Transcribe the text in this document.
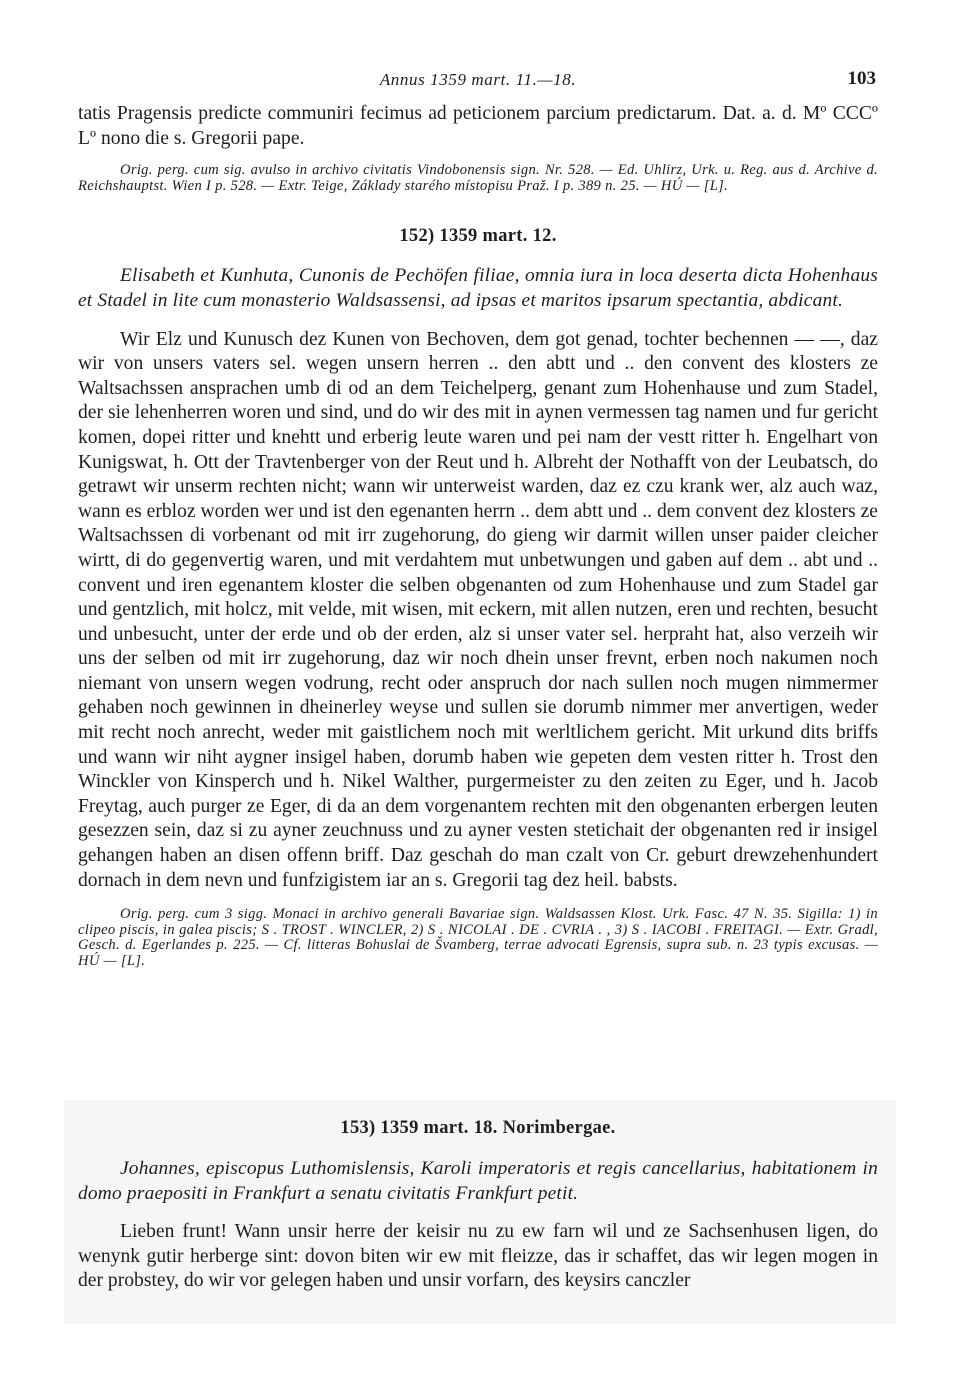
Annus 1359 mart. 11.—18.	103

tatis Pragensis predicte communiri fecimus ad peticionem parcium predictarum. Dat. a. d. Mº CCCº Lº nono die s. Gregorii pape.

Orig. perg. cum sig. avulso in archivo civitatis Vindobonensis sign. Nr. 528. — Ed. Uhlirz, Urk. u. Reg. aus d. Archive d. Reichshauptst. Wien I p. 528. — Extr. Teige, Základy starého místopisu Praž. I p. 389 n. 25. — HÚ — [L].

152) 1359 mart. 12.

Elisabeth et Kunhuta, Cunonis de Pechöfen filiae, omnia iura in loca deserta dicta Hohenhaus et Stadel in lite cum monasterio Waldsassensi, ad ipsas et maritos ipsarum spectantia, abdicant.

Wir Elz und Kunusch dez Kunen von Bechoven, dem got genad, tochter bechennen — —, daz wir von unsers vaters sel. wegen unsern herren .. den abtt und .. den convent des klosters ze Waltsachssen ansprachen umb di od an dem Teichelperg, genant zum Hohenhause und zum Stadel, der sie lehenherren woren und sind, und do wir des mit in aynen vermessen tag namen und fur gericht komen, dopei ritter und knehtt und erberig leute waren und pei nam der vestt ritter h. Engelhart von Kunigswat, h. Ott der Travtenberger von der Reut und h. Albreht der Nothafft von der Leubatsch, do getrawt wir unserm rechten nicht; wann wir unterweist warden, daz ez czu krank wer, alz auch waz, wann es erbloz worden wer und ist den egenanten herrn .. dem abtt und .. dem convent dez klosters ze Waltsachssen di vorbenant od mit irr zugehorung, do gieng wir darmit willen unser paider cleicher wirtt, di do gegenvertig waren, und mit verdahtem mut unbetwungen und gaben auf dem .. abt und .. convent und iren egenantem kloster die selben obgenanten od zum Hohenhause und zum Stadel gar und gentzlich, mit holcz, mit velde, mit wisen, mit eckern, mit allen nutzen, eren und rechten, besucht und unbesucht, unter der erde und ob der erden, alz si unser vater sel. herpraht hat, also verzeih wir uns der selben od mit irr zugehorung, daz wir noch dhein unser frevnt, erben noch nakumen noch niemant von unsern wegen vodrung, recht oder anspruch dor nach sullen noch mugen nimmermer gehaben noch gewinnen in dheinerley weyse und sullen sie dorumb nimmer mer anvertigen, weder mit recht noch anrecht, weder mit gaistlichem noch mit werltlichem gericht. Mit urkund dits briffs und wann wir niht aygner insigel haben, dorumb haben wie gepeten dem vesten ritter h. Trost den Winckler von Kinsperch und h. Nikel Walther, purgermeister zu den zeiten zu Eger, und h. Jacob Freytag, auch purger ze Eger, di da an dem vorgenantem rechten mit den obgenanten erbergen leuten gesezzen sein, daz si zu ayner zeuchnuss und zu ayner vesten stetichait der obgenanten red ir insigel gehangen haben an disen offenn briff. Daz geschah do man czalt von Cr. geburt drewzehenhundert dornach in dem nevn und funfzigistem iar an s. Gregorii tag dez heil. babsts.

Orig. perg. cum 3 sigg. Monaci in archivo generali Bavariae sign. Waldsassen Klost. Urk. Fasc. 47 N. 35. Sigilla: 1) in clipeo piscis, in galea piscis; S . TROST . WINCLER, 2) S . NICOLAI . DE . CVRIA . , 3) S . IACOBI . FREITAGI. — Extr. Gradl, Gesch. d. Egerlandes p. 225. — Cf. litteras Bohuslai de Švamberg, terrae advocati Egrensis, supra sub. n. 23 typis excusas. — HÚ — [L].

153) 1359 mart. 18. Norimbergae.

Johannes, episcopus Luthomislensis, Karoli imperatoris et regis cancellarius, habitationem in domo praepositi in Frankfurt a senatu civitatis Frankfurt petit.

Lieben frunt! Wann unsir herre der keisir nu zu ew farn wil und ze Sachsenhusen ligen, do wenynk gutir herberge sint: dovon biten wir ew mit fleizze, das ir schaffet, das wir legen mogen in der probstey, do wir vor gelegen haben und unsir vorfarn, des keysirs canczler
